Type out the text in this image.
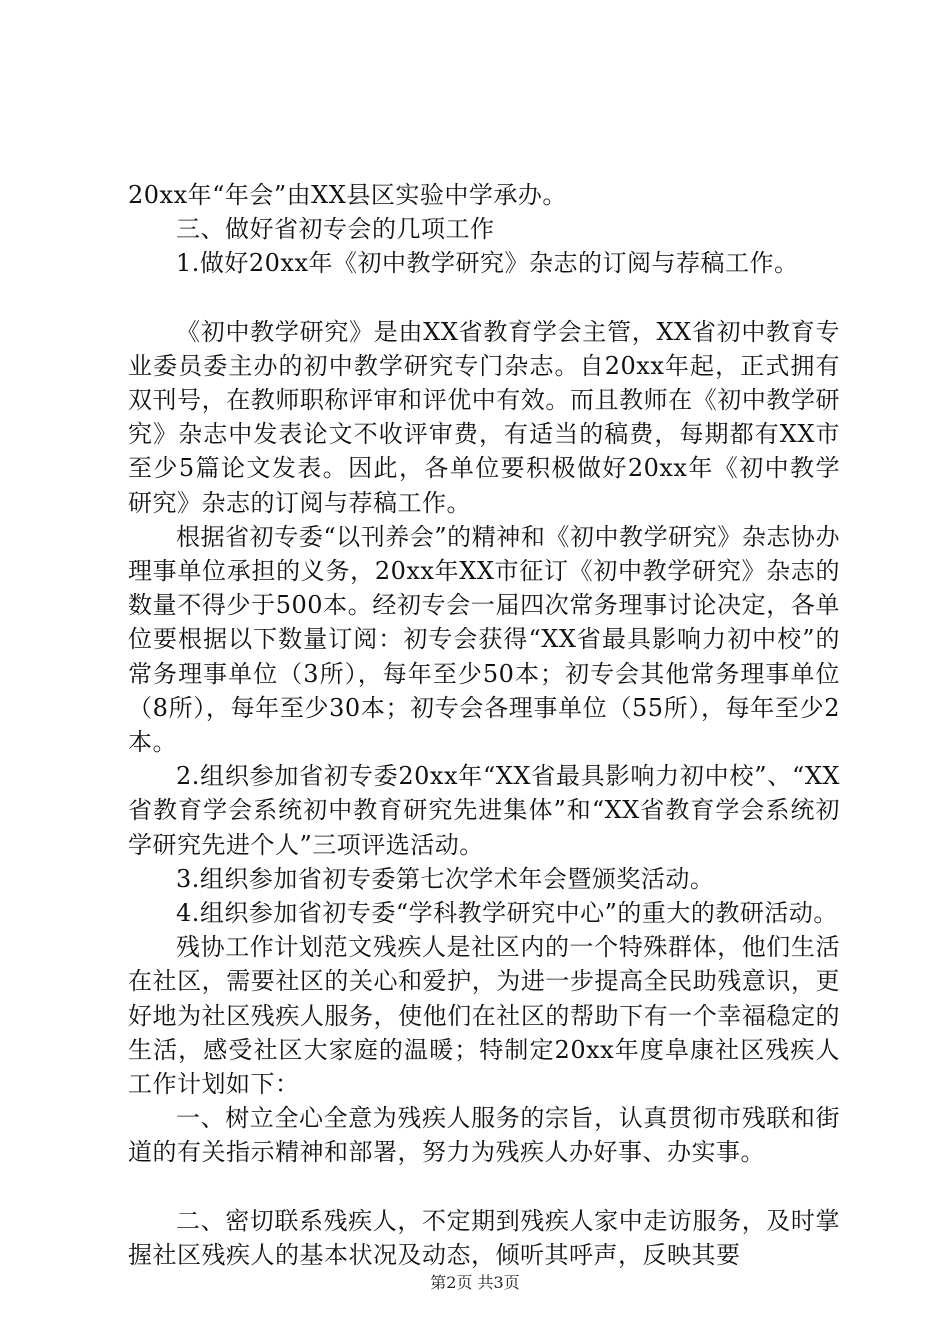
20xx年“年会”由XX县区实验中学承办。

三、做好省初专会的几项工作

1.做好20xx年《初中教学研究》杂志的订阅与荐稿工作。

《初中教学研究》是由XX省教育学会主管，XX省初中教育专业委员委主办的初中教学研究专门杂志。自20xx年起，正式拥有双刊号，在教师职称评审和评优中有效。而且教师在《初中教学研究》杂志中发表论文不收评审费，有适当的稿费，每期都有XX市至少5篇论文发表。因此，各单位要积极做好20xx年《初中教学研究》杂志的订阅与荐稿工作。

根据省初专委“以刊养会”的精神和《初中教学研究》杂志协办理事单位承担的义务，20xx年XX市征订《初中教学研究》杂志的数量不得少于500本。经初专会一届四次常务理事讨论决定，各单位要根据以下数量订阅：初专会获得“XX省最具影响力初中校”的常务理事单位（3所），每年至少50本；初专会其他常务理事单位（8所），每年至少30本；初专会各理事单位（55所），每年至少2本。

2.组织参加省初专委20xx年“XX省最具影响力初中校”、“XX省教育学会系统初中教育研究先进集体”和“XX省教育学会系统初学研究先进个人”三项评选活动。

3.组织参加省初专委第七次学术年会暨颁奖活动。

4.组织参加省初专委“学科教学研究中心”的重大的教研活动。

残协工作计划范文残疾人是社区内的一个特殊群体，他们生活在社区，需要社区的关心和爱护，为进一步提高全民助残意识，更好地为社区残疾人服务，使他们在社区的帮助下有一个幸福稳定的生活，感受社区大家庭的温暖；特制定20xx年度阜康社区残疾人工作计划如下：

一、树立全心全意为残疾人服务的宗旨，认真贯彻市残联和街道的有关指示精神和部署，努力为残疾人办好事、办实事。

二、密切联系残疾人，不定期到残疾人家中走访服务，及时掌握社区残疾人的基本状况及动态，倾听其呼声，反映其要

第2页 共3页
